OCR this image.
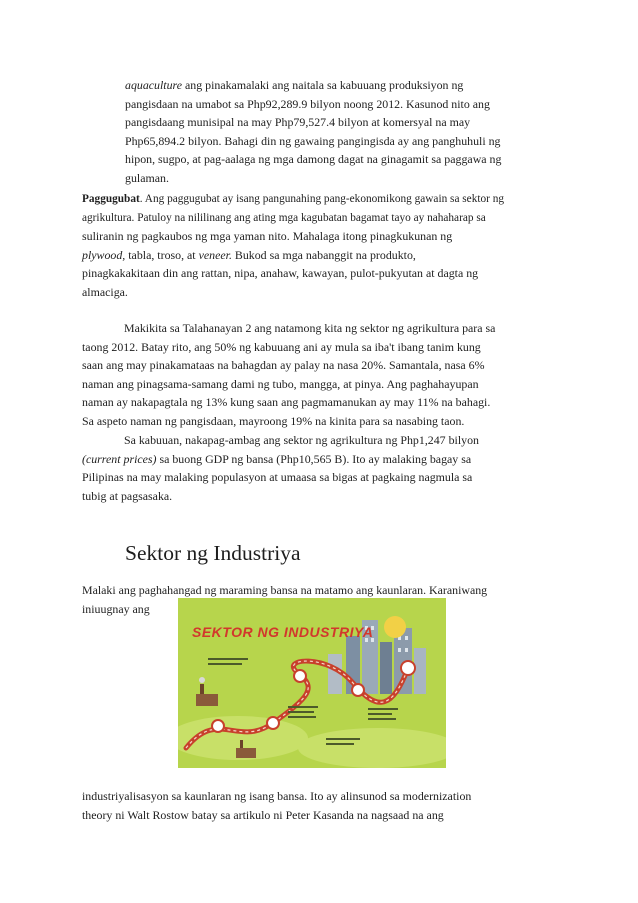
aquaculture ang pinakamalaki ang naitala sa kabuuang produksiyon ng
pangisdaan na umabot sa Php92,289.9 bilyon noong 2012. Kasunod nito ang
pangisdaang munisipal na may Php79,527.4 bilyon at komersyal na may
Php65,894.2 bilyon. Bahagi din ng gawaing pangingisda ay ang panghuhuli ng
hipon, sugpo, at pag-aalaga ng mga damong dagat na ginagamit sa paggawa ng
gulaman.
Paggugubat. Ang paggugubat ay isang pangunahing pang-ekonomikong gawain sa sektor ng
agrikultura. Patuloy na nililinang ang ating mga kagubatan bagamat tayo ay nahaharap sa
suliranin ng pagkaubos ng mga yaman nito. Mahalaga itong pinagkukunan ng
plywood, tabla, troso, at veneer. Bukod sa mga nabanggit na produkto,
pinagkakakitaan din ang rattan, nipa, anahaw, kawayan, pulot-pukyutan at dagta ng
almaciga.
Makikita sa Talahanayan 2 ang natamong kita ng sektor ng agrikultura para sa
taong 2012. Batay rito, ang 50% ng kabuuang ani ay mula sa iba't ibang tanim kung
saan ang may pinakamataas na bahagdan ay palay na nasa 20%. Samantala, nasa 6%
naman ang pinagsama-samang dami ng tubo, mangga, at pinya. Ang paghahayupan
naman ay nakapagtala ng 13% kung saan ang pagmamanukan ay may 11% na bahagi.
Sa aspeto naman ng pangisdaan, mayroong 19% na kinita para sa nasabing taon.
Sa kabuuan, nakapag-ambag ang sektor ng agrikultura ng Php1,247 bilyon
(current prices) sa buong GDP ng bansa (Php10,565 B). Ito ay malaking bagay sa
Pilipinas na may malaking populasyon at umaasa sa bigas at pagkaing nagmula sa
tubig at pagsasaka.
Sektor ng Industriya
Malaki ang paghahangad ng maraming bansa na matamo ang kaunlaran. Karaniwang
iniuugnay ang
SEKTOR NG INDUSTRIYA
industriyalisasyon sa kaunlaran ng isang bansa. Ito ay alinsunod sa modernization
theory ni Walt Rostow batay sa artikulo ni Peter Kasanda na nagsaad na ang
